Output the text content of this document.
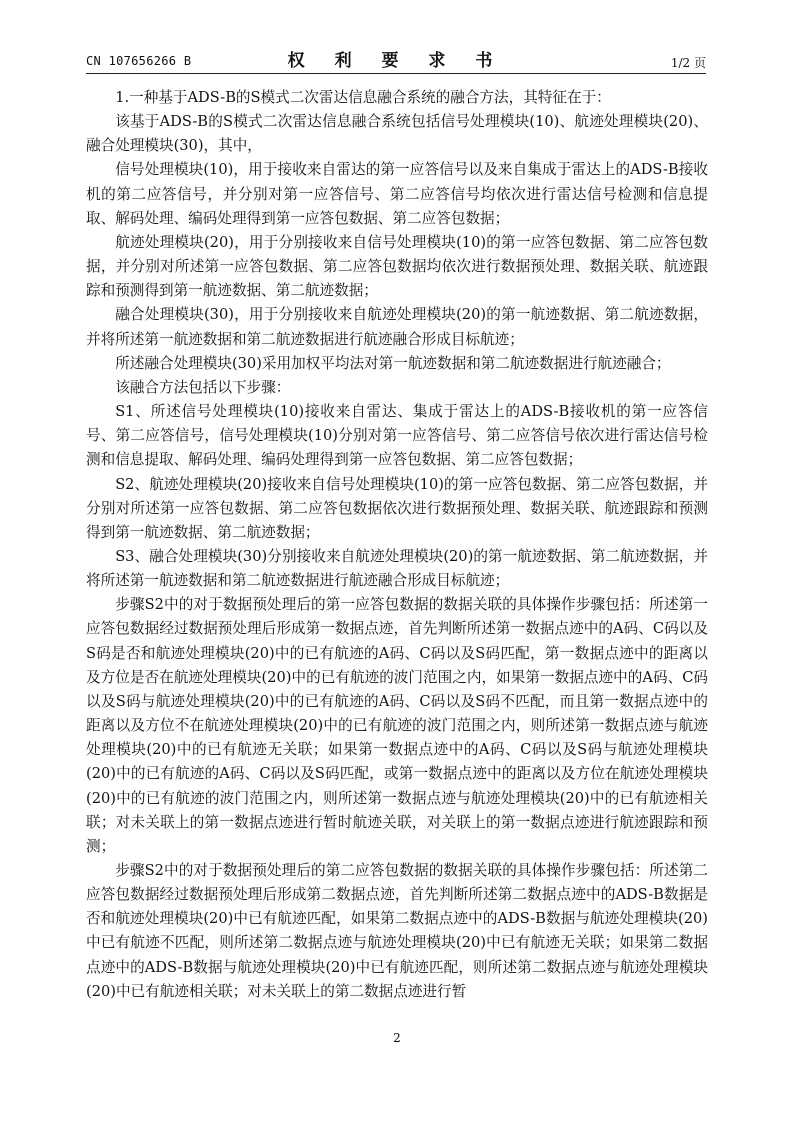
CN 107656266 B	权 利 要 求 书	1/2 页

1.一种基于ADS-B的S模式二次雷达信息融合系统的融合方法，其特征在于：

该基于ADS-B的S模式二次雷达信息融合系统包括信号处理模块(10)、航迹处理模块(20)、融合处理模块(30)，其中，

信号处理模块(10)，用于接收来自雷达的第一应答信号以及来自集成于雷达上的ADS-B接收机的第二应答信号，并分别对第一应答信号、第二应答信号均依次进行雷达信号检测和信息提取、解码处理、编码处理得到第一应答包数据、第二应答包数据；

航迹处理模块(20)，用于分别接收来自信号处理模块(10)的第一应答包数据、第二应答包数据，并分别对所述第一应答包数据、第二应答包数据均依次进行数据预处理、数据关联、航迹跟踪和预测得到第一航迹数据、第二航迹数据；

融合处理模块(30)，用于分别接收来自航迹处理模块(20)的第一航迹数据、第二航迹数据，并将所述第一航迹数据和第二航迹数据进行航迹融合形成目标航迹；

所述融合处理模块(30)采用加权平均法对第一航迹数据和第二航迹数据进行航迹融合；

该融合方法包括以下步骤：

S1、所述信号处理模块(10)接收来自雷达、集成于雷达上的ADS-B接收机的第一应答信号、第二应答信号，信号处理模块(10)分别对第一应答信号、第二应答信号依次进行雷达信号检测和信息提取、解码处理、编码处理得到第一应答包数据、第二应答包数据；

S2、航迹处理模块(20)接收来自信号处理模块(10)的第一应答包数据、第二应答包数据，并分别对所述第一应答包数据、第二应答包数据依次进行数据预处理、数据关联、航迹跟踪和预测得到第一航迹数据、第二航迹数据；

S3、融合处理模块(30)分别接收来自航迹处理模块(20)的第一航迹数据、第二航迹数据，并将所述第一航迹数据和第二航迹数据进行航迹融合形成目标航迹；

步骤S2中的对于数据预处理后的第一应答包数据的数据关联的具体操作步骤包括：所述第一应答包数据经过数据预处理后形成第一数据点迹，首先判断所述第一数据点迹中的A码、C码以及S码是否和航迹处理模块(20)中的已有航迹的A码、C码以及S码匹配，第一数据点迹中的距离以及方位是否在航迹处理模块(20)中的已有航迹的波门范围之内，如果第一数据点迹中的A码、C码以及S码与航迹处理模块(20)中的已有航迹的A码、C码以及S码不匹配，而且第一数据点迹中的距离以及方位不在航迹处理模块(20)中的已有航迹的波门范围之内，则所述第一数据点迹与航迹处理模块(20)中的已有航迹无关联；如果第一数据点迹中的A码、C码以及S码与航迹处理模块(20)中的已有航迹的A码、C码以及S码匹配，或第一数据点迹中的距离以及方位在航迹处理模块(20)中的已有航迹的波门范围之内，则所述第一数据点迹与航迹处理模块(20)中的已有航迹相关联；对未关联上的第一数据点迹进行暂时航迹关联，对关联上的第一数据点迹进行航迹跟踪和预测；

步骤S2中的对于数据预处理后的第二应答包数据的数据关联的具体操作步骤包括：所述第二应答包数据经过数据预处理后形成第二数据点迹，首先判断所述第二数据点迹中的ADS-B数据是否和航迹处理模块(20)中已有航迹匹配，如果第二数据点迹中的ADS-B数据与航迹处理模块(20)中已有航迹不匹配，则所述第二数据点迹与航迹处理模块(20)中已有航迹无关联；如果第二数据点迹中的ADS-B数据与航迹处理模块(20)中已有航迹匹配，则所述第二数据点迹与航迹处理模块(20)中已有航迹相关联；对未关联上的第二数据点迹进行暂

2
